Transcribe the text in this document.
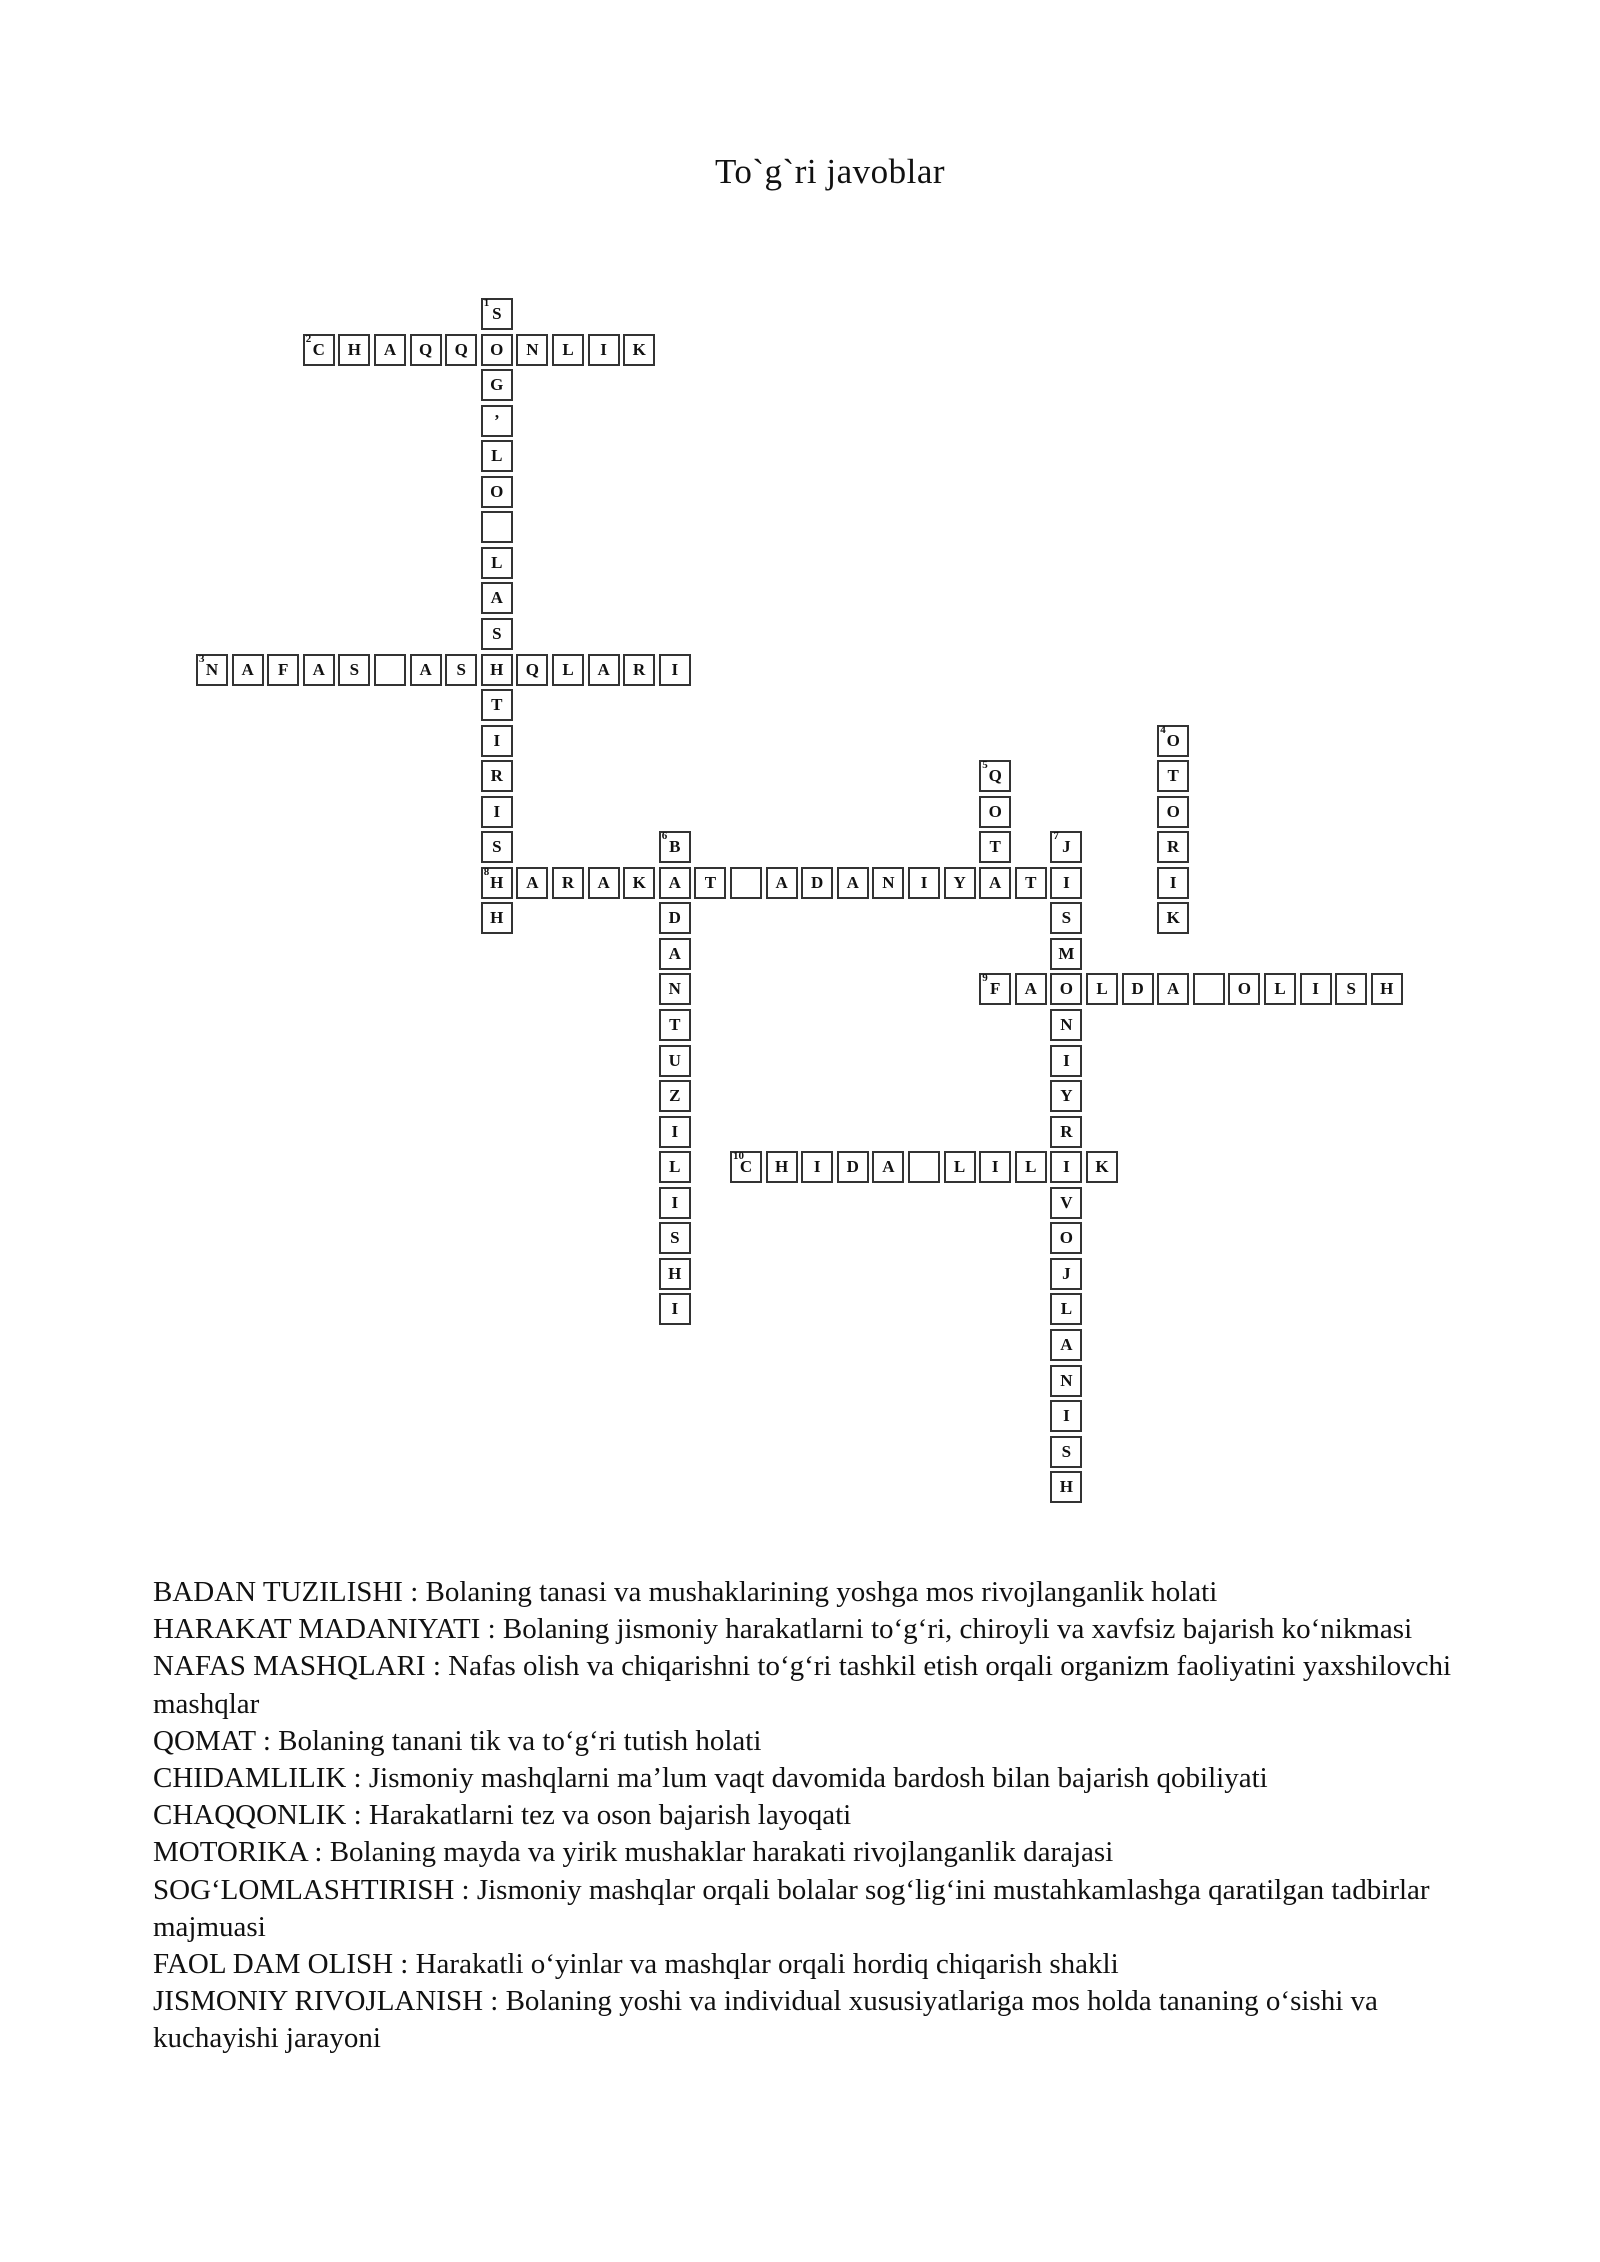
To`g`ri javoblar
1
S
O
G
’
L
O
L
A
S
H
T
I
R
I
S
8
H
H
2
C	H	A	Q	Q	N	L	I	K
3
N	A	F	A	S	A	S	Q	L	A	R	I
4
O
T
O
R
I
K
5
Q
O
T
6
B
A
D
A
N
T
U
Z
I
L
I
S
H
I
7
J
I
S
M
O
N
I
Y
R
I
V
O
J
L
A
N
I
S
H
A	R	A	K	T	A	D	A	N	I	Y	A	T
9
F	A	L	D	A	O	L	I	S	H
10
C	H	I	D	A	L	I	L	K

BADAN TUZILISHI : Bolaning tanasi va mushaklarining yoshga mos rivojlanganlik holati

HARAKAT MADANIYATI : Bolaning jismoniy harakatlarni to‘g‘ri, chiroyli va xavfsiz bajarish ko‘nikmasi

NAFAS MASHQLARI : Nafas olish va chiqarishni to‘g‘ri tashkil etish orqali organizm faoliyatini yaxshilovchi mashqlar

QOMAT : Bolaning tanani tik va to‘g‘ri tutish holati

CHIDAMLILIK : Jismoniy mashqlarni ma’lum vaqt davomida bardosh bilan bajarish qobiliyati

CHAQQONLIK : Harakatlarni tez va oson bajarish layoqati

MOTORIKA : Bolaning mayda va yirik mushaklar harakati rivojlanganlik darajasi

SOG‘LOMLASHTIRISH : Jismoniy mashqlar orqali bolalar sog‘lig‘ini mustahkamlashga qaratilgan tadbirlar majmuasi

FAOL DAM OLISH : Harakatli o‘yinlar va mashqlar orqali hordiq chiqarish shakli

JISMONIY RIVOJLANISH : Bolaning yoshi va individual xususiyatlariga mos holda tananing o‘sishi va kuchayishi jarayoni
